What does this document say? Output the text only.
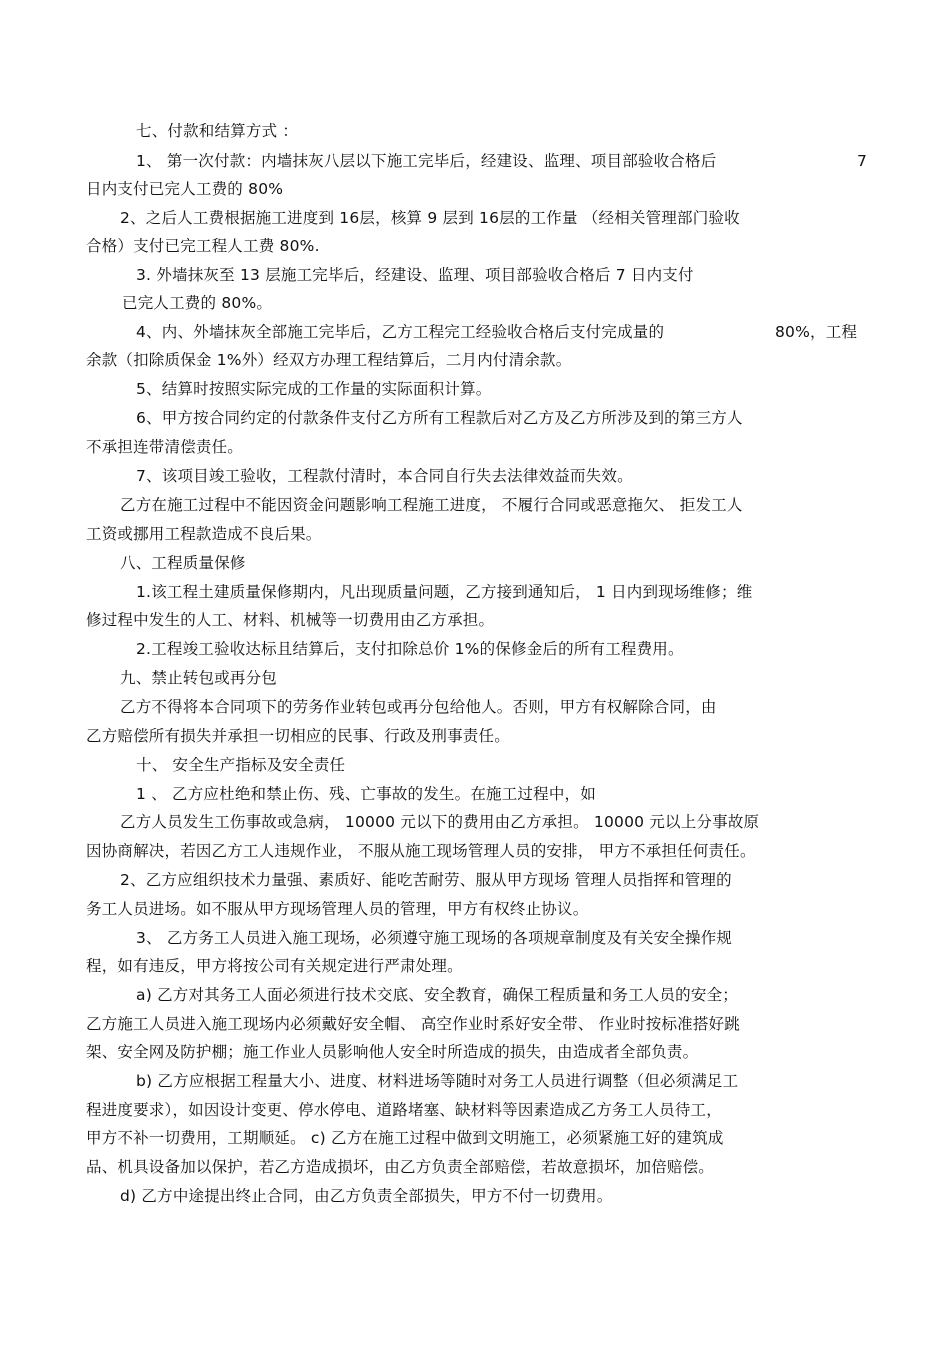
七、付款和结算方式 ：
1、 第一次付款：内墙抹灰八层以下施工完毕后，经建设、监理、项目部验收合格后	7
日内支付已完人工费的 80%
2、之后人工费根据施工进度到 16层，核算 9 层到 16层的工作量 （经相关管理部门验收
合格）支付已完工程人工费 80%.
3. 外墙抹灰至 13 层施工完毕后，经建设、监理、项目部验收合格后 7 日内支付
已完人工费的 80%。
4、内、外墙抹灰全部施工完毕后，乙方工程完工经验收合格后支付完成量的	80%，工程
余款（扣除质保金 1%外）经双方办理工程结算后，二月内付清余款。
5、结算时按照实际完成的工作量的实际面积计算。
6、甲方按合同约定的付款条件支付乙方所有工程款后对乙方及乙方所涉及到的第三方人
不承担连带清偿责任。
7、该项目竣工验收，工程款付清时，本合同自行失去法律效益而失效。
乙方在施工过程中不能因资金问题影响工程施工进度， 不履行合同或恶意拖欠、 拒发工人
工资或挪用工程款造成不良后果。
八、工程质量保修
1.该工程土建质量保修期内，凡出现质量问题，乙方接到通知后， 1 日内到现场维修；维
修过程中发生的人工、材料、机械等一切费用由乙方承担。
2.工程竣工验收达标且结算后，支付扣除总价 1%的保修金后的所有工程费用。
九、禁止转包或再分包
乙方不得将本合同项下的劳务作业转包或再分包给他人。否则，甲方有权解除合同，由
乙方赔偿所有损失并承担一切相应的民事、行政及刑事责任。
十、 安全生产指标及安全责任
1 、 乙方应杜绝和禁止伤、残、亡事故的发生。在施工过程中，如
乙方人员发生工伤事故或急病， 10000 元以下的费用由乙方承担。 10000 元以上分事故原
因协商解决，若因乙方工人违规作业， 不服从施工现场管理人员的安排， 甲方不承担任何责任。
2、乙方应组织技术力量强、素质好、能吃苦耐劳、服从甲方现场 管理人员指挥和管理的
务工人员进场。如不服从甲方现场管理人员的管理，甲方有权终止协议。
3、 乙方务工人员进入施工现场，必须遵守施工现场的各项规章制度及有关安全操作规
程，如有违反，甲方将按公司有关规定进行严肃处理。
a) 乙方对其务工人面必须进行技术交底、安全教育，确保工程质量和务工人员的安全；
乙方施工人员进入施工现场内必须戴好安全帽、 高空作业时系好安全带、 作业时按标准搭好跳
架、安全网及防护棚；施工作业人员影响他人安全时所造成的损失，由造成者全部负责。
b) 乙方应根据工程量大小、进度、材料进场等随时对务工人员进行调整（但必须满足工
程进度要求），如因设计变更、停水停电、道路堵塞、缺材料等因素造成乙方务工人员待工，
甲方不补一切费用，工期顺延。 c) 乙方在施工过程中做到文明施工，必须紧施工好的建筑成
品、机具设备加以保护，若乙方造成损坏，由乙方负责全部赔偿，若故意损坏，加倍赔偿。
d) 乙方中途提出终止合同，由乙方负责全部损失，甲方不付一切费用。
